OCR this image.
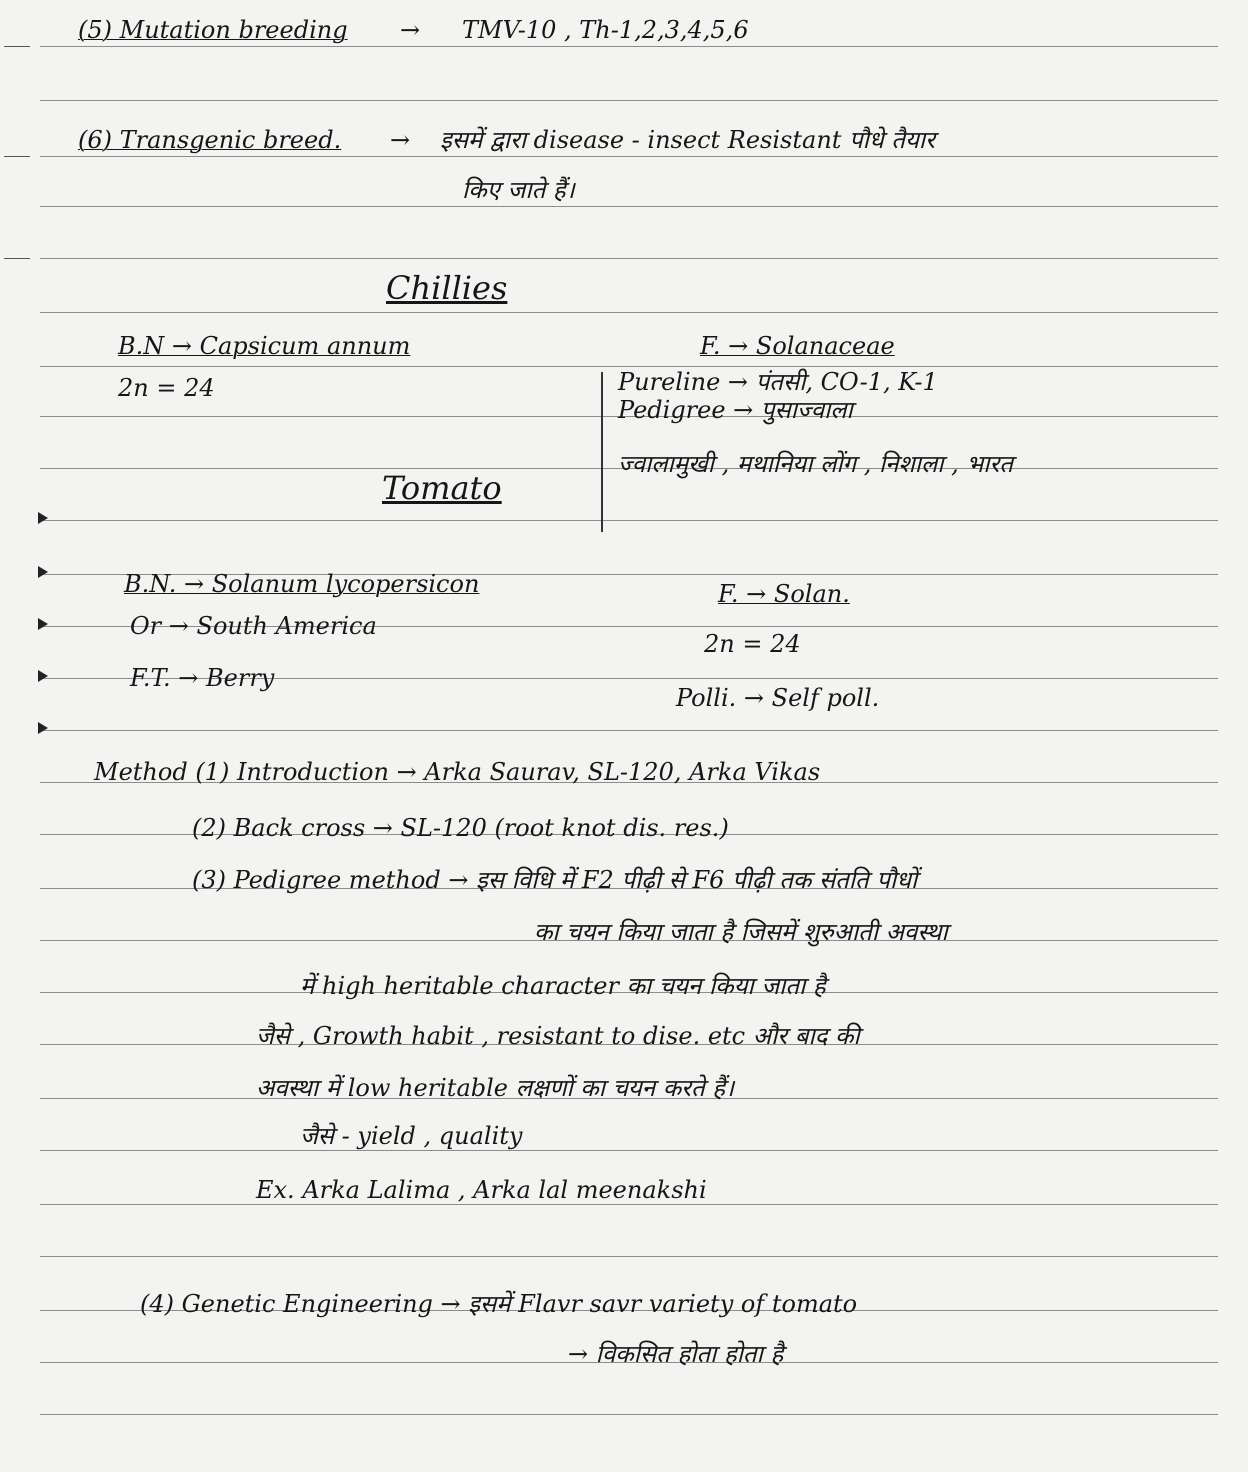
(5) Mutation breeding → TMV-10 , Th-1,2,3,4,5,6
(6) Transgenic breed. → इसमें द्वारा disease - insect Resistant पौधे तैयार
किए जाते हैं।
Chillies
B.N → Capsicum annum
2n = 24
F. → Solanaceae
Pureline → पंतसी, CO-1, K-1
Pedigree → पुसाज्वाला
ज्वालामुखी , मथानिया लोंग , निशाला , भारत
Tomato
B.N. → Solanum lycopersicon
Or → South America
F.T. → Berry
F. → Solan.
2n = 24
Polli. → Self poll.
Method (1) Introduction → Arka Saurav, SL-120, Arka Vikas
(2) Back cross → SL-120 (root knot dis. res.)
(3) Pedigree method → इस विधि में F2 पीढ़ी से F6 पीढ़ी तक संतति पौधों
का चयन किया जाता है जिसमें शुरुआती अवस्था
में high heritable character का चयन किया जाता है
जैसे , Growth habit , resistant to dise. etc और बाद की
अवस्था में low heritable लक्षणों का चयन करते हैं।
जैसे - yield , quality
Ex. Arka Lalima , Arka lal meenakshi
(4) Genetic Engineering → इसमें Flavr savr variety of tomato
→ विकसित होता होता है
